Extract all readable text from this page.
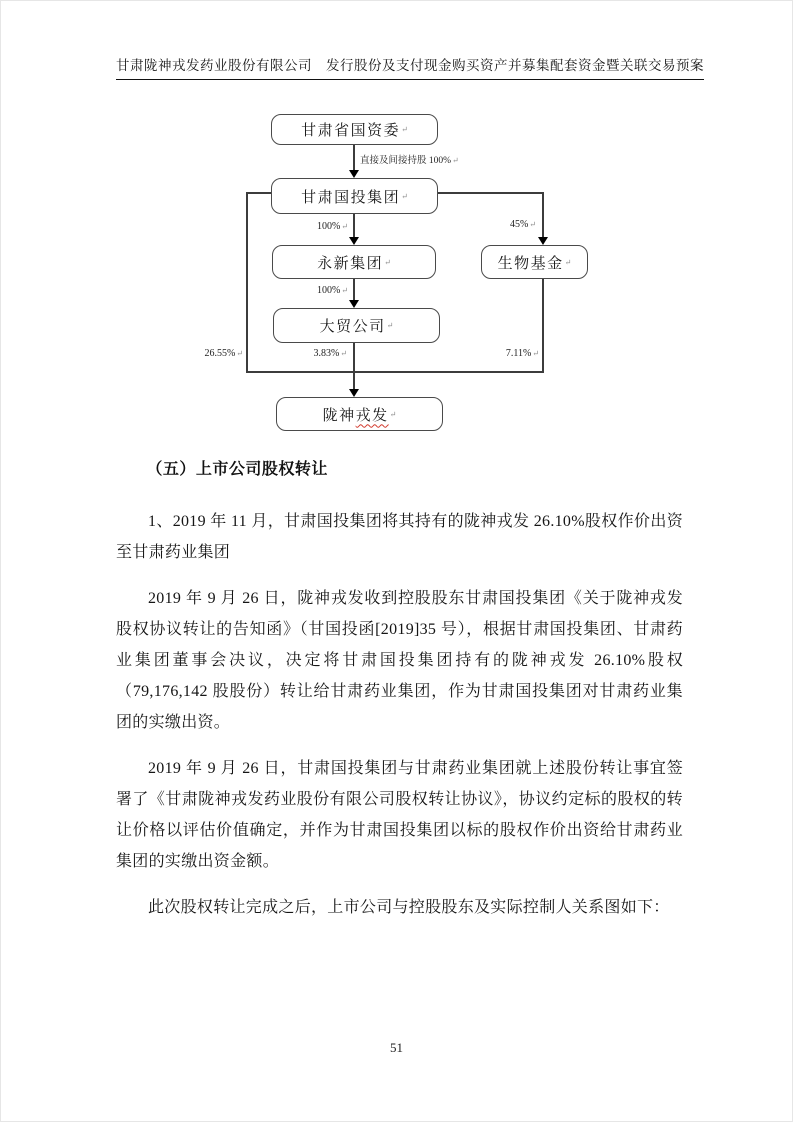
甘肃陇神戎发药业股份有限公司　发行股份及支付现金购买资产并募集配套资金暨关联交易预案
甘肃省国资委 ↵
甘肃国投集团 ↵
永新集团 ↵
大贸公司 ↵
生物基金 ↵
陇神 戎发 ↵
直接及间接持股 100%↵
100%↵
100%↵
45%↵
7.11%↵
26.55%↵	3.83%↵
（五）上市公司股权转让

1、2019 年 11 月，甘肃国投集团将其持有的陇神戎发 26.10%股权作价出资至甘肃药业集团

2019 年 9 月 26 日，陇神戎发收到控股股东甘肃国投集团《关于陇神戎发股权协议转让的告知函》（甘国投函[2019]35 号），根据甘肃国投集团、甘肃药业集团董事会决议，决定将甘肃国投集团持有的陇神戎发 26.10%股权（79,176,142 股股份）转让给甘肃药业集团，作为甘肃国投集团对甘肃药业集团的实缴出资。

2019 年 9 月 26 日，甘肃国投集团与甘肃药业集团就上述股份转让事宜签署了《甘肃陇神戎发药业股份有限公司股权转让协议》，协议约定标的股权的转让价格以评估价值确定，并作为甘肃国投集团以标的股权作价出资给甘肃药业集团的实缴出资金额。

此次股权转让完成之后，上市公司与控股股东及实际控制人关系图如下：

51
